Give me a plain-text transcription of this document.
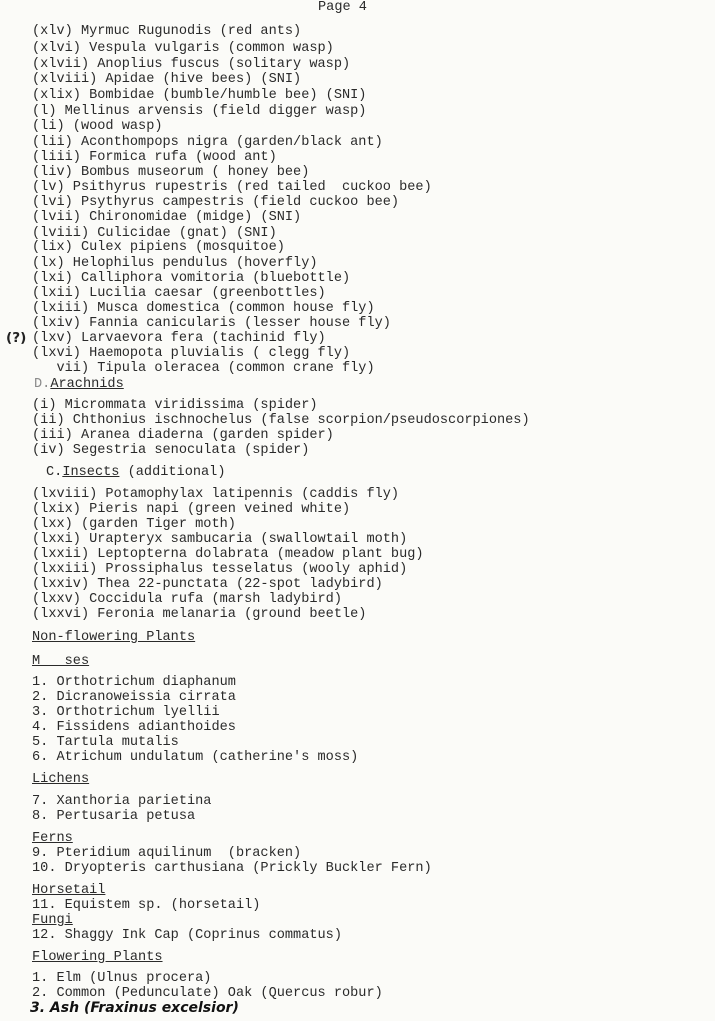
Page 4
(?)
(xlv) Myrmuc Rugunodis (red ants)
(xlvi) Vespula vulgaris (common wasp)
(xlvii) Anoplius fuscus (solitary wasp)
(xlviii) Apidae (hive bees) (SNI)
(xlix) Bombidae (bumble/humble bee) (SNI)
(l) Mellinus arvensis (field digger wasp)
(li) (wood wasp)
(lii) Aconthompops nigra (garden/black ant)
(liii) Formica rufa (wood ant)
(liv) Bombus museorum ( honey bee)
(lv) Psithyrus rupestris (red tailed  cuckoo bee)
(lvi) Psythyrus campestris (field cuckoo bee)
(lvii) Chironomidae (midge) (SNI)
(lviii) Culicidae (gnat) (SNI)
(lix) Culex pipiens (mosquitoe)
(lx) Helophilus pendulus (hoverfly)
(lxi) Calliphora vomitoria (bluebottle)
(lxii) Lucilia caesar (greenbottles)
(lxiii) Musca domestica (common house fly)
(lxiv) Fannia canicularis (lesser house fly)
(lxv) Larvaevora fera (tachinid fly)
(lxvi) Haemopota pluvialis ( clegg fly)
vii) Tipula oleracea (common crane fly)
D.Arachnids
(i) Micrommata viridissima (spider)
(ii) Chthonius ischnochelus (false scorpion/pseudoscorpiones)
(iii) Aranea diaderna (garden spider)
(iv) Segestria senoculata (spider)
C.Insects (additional)
(lxviii) Potamophylax latipennis (caddis fly)
(lxix) Pieris napi (green veined white)
(lxx) (garden Tiger moth)
(lxxi) Urapteryx sambucaria (swallowtail moth)
(lxxii) Leptopterna dolabrata (meadow plant bug)
(lxxiii) Prossiphalus tesselatus (wooly aphid)
(lxxiv) Thea 22-punctata (22-spot ladybird)
(lxxv) Coccidula rufa (marsh ladybird)
(lxxvi) Feronia melanaria (ground beetle)
Non-flowering Plants
M   ses
1. Orthotrichum diaphanum
2. Dicranoweissia cirrata
3. Orthotrichum lyellii
4. Fissidens adianthoides
5. Tartula mutalis
6. Atrichum undulatum (catherine's moss)
Lichens
7. Xanthoria parietina
8. Pertusaria petusa
Ferns
9. Pteridium aquilinum  (bracken)
10. Dryopteris carthusiana (Prickly Buckler Fern)
Horsetail
11. Equistem sp. (horsetail)
Fungi
12. Shaggy Ink Cap (Coprinus commatus)
Flowering Plants
1. Elm (Ulnus procera)
2. Common (Pedunculate) Oak (Quercus robur)
3. Ash (Fraxinus excelsior)
